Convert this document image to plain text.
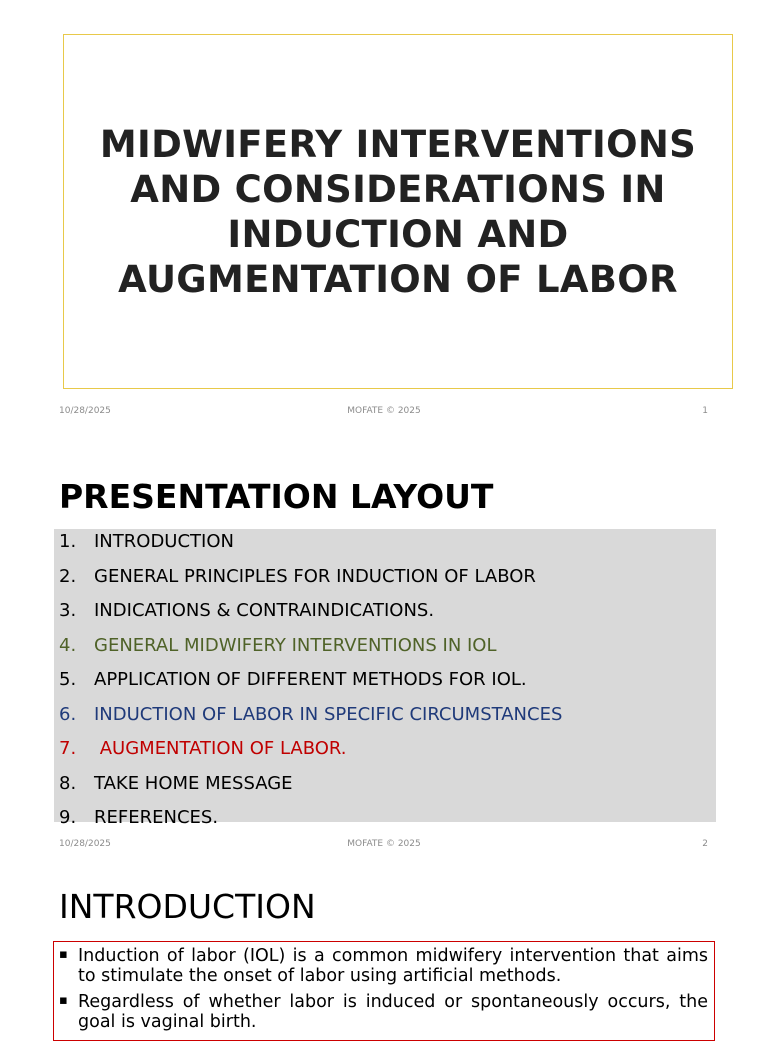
MIDWIFERY INTERVENTIONS AND CONSIDERATIONS IN INDUCTION AND AUGMENTATION OF LABOR
10/28/2025	MOFATE © 2025	1
PRESENTATION LAYOUT
1. INTRODUCTION
2. GENERAL PRINCIPLES FOR INDUCTION OF LABOR
3. INDICATIONS & CONTRAINDICATIONS.
4. GENERAL MIDWIFERY INTERVENTIONS IN IOL
5. APPLICATION OF DIFFERENT METHODS FOR IOL.
6. INDUCTION OF LABOR IN SPECIFIC CIRCUMSTANCES
7. AUGMENTATION OF LABOR.
8. TAKE HOME MESSAGE
9. REFERENCES.
10/28/2025	MOFATE © 2025	2
INTRODUCTION
▪ Induction of labor (IOL) is a common midwifery intervention that aims to stimulate the onset of labor using artificial methods.
▪ Regardless of whether labor is induced or spontaneously occurs, the goal is vaginal birth.
